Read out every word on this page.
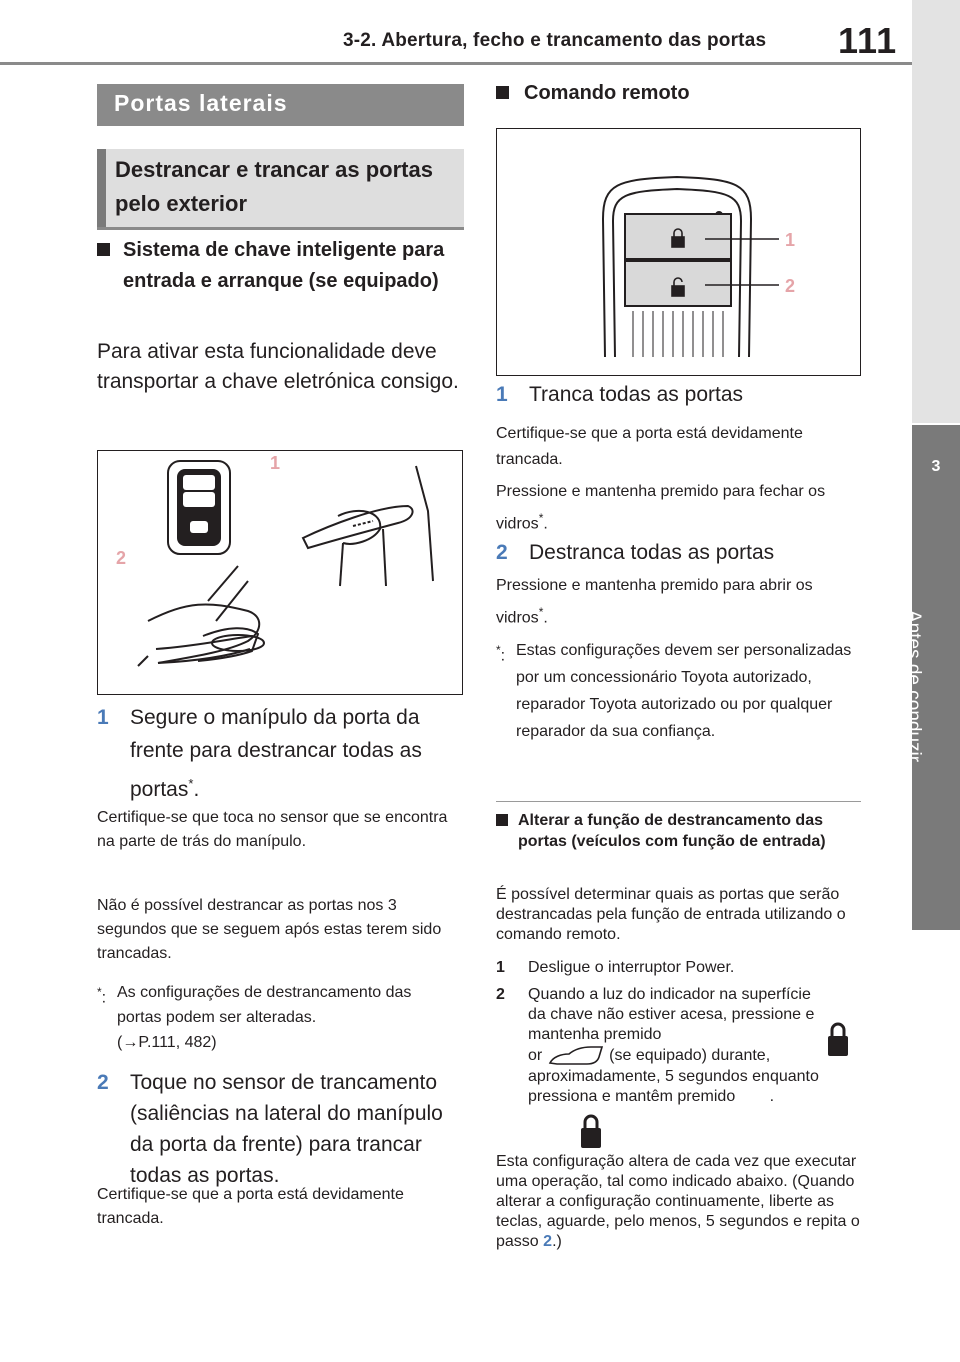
3-2. Abertura, fecho e trancamento das portas 111
3
Antes de conduzir
Portas laterais
Destrancar e trancar as portas pelo exterior
Sistema de chave inteligente para entrada e arranque (se equipado)
Para ativar esta funcionalidade deve transportar a chave eletrónica consigo.
1
2
1 Segure o manípulo da porta da frente para destrancar todas as portas*.
Certifique-se que toca no sensor que se encontra na parte de trás do manípulo.
Não é possível destrancar as portas nos 3 segundos que se seguem após estas terem sido trancadas.
*: As configurações de destrancamento das portas podem ser alteradas.
(→P.111, 482)
2 Toque no sensor de trancamento (saliências na lateral do manípulo da porta da frente) para trancar todas as portas.
Certifique-se que a porta está devidamente trancada.
Comando remoto
1
2
1 Tranca todas as portas
Certifique-se que a porta está devidamente trancada.
Pressione e mantenha premido para fechar os vidros*.
2 Destranca todas as portas
Pressione e mantenha premido para abrir os vidros*.
*: Estas configurações devem ser personalizadas por um concessionário Toyota autorizado, reparador Toyota autorizado ou por qualquer reparador da sua confiança.
Alterar a função de destrancamento das portas (veículos com função de entrada)
É possível determinar quais as portas que serão destrancadas pela função de entrada utilizando o comando remoto.
1 Desligue o interruptor Power.
2 Quando a luz do indicador na superfície da chave não estiver acesa, pressione e mantenha premido
or	(se equipado) durante, aproximadamente, 5 segundos enquanto pressiona e mantêm premido .
Esta configuração altera de cada vez que executar uma operação, tal como indicado abaixo. (Quando alterar a configuração continuamente, liberte as teclas, aguarde, pelo menos, 5 segundos e repita o passo 2.)
